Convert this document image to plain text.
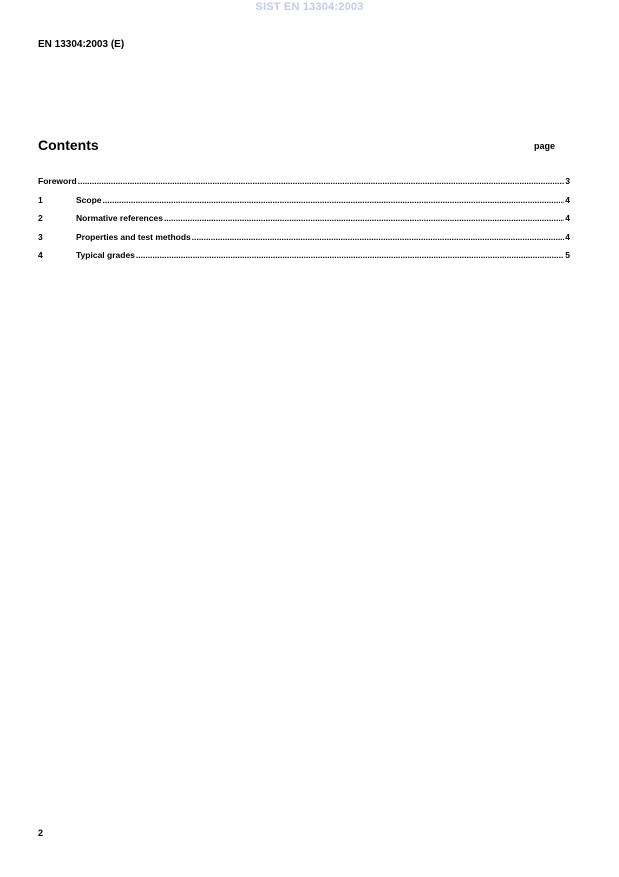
SIST EN 13304:2003
EN 13304:2003 (E)
Contents	page
Foreword .....	3
1	Scope .....	4
2	Normative references .....	4
3	Properties and test methods .....	4
4	Typical grades .....	5
2
